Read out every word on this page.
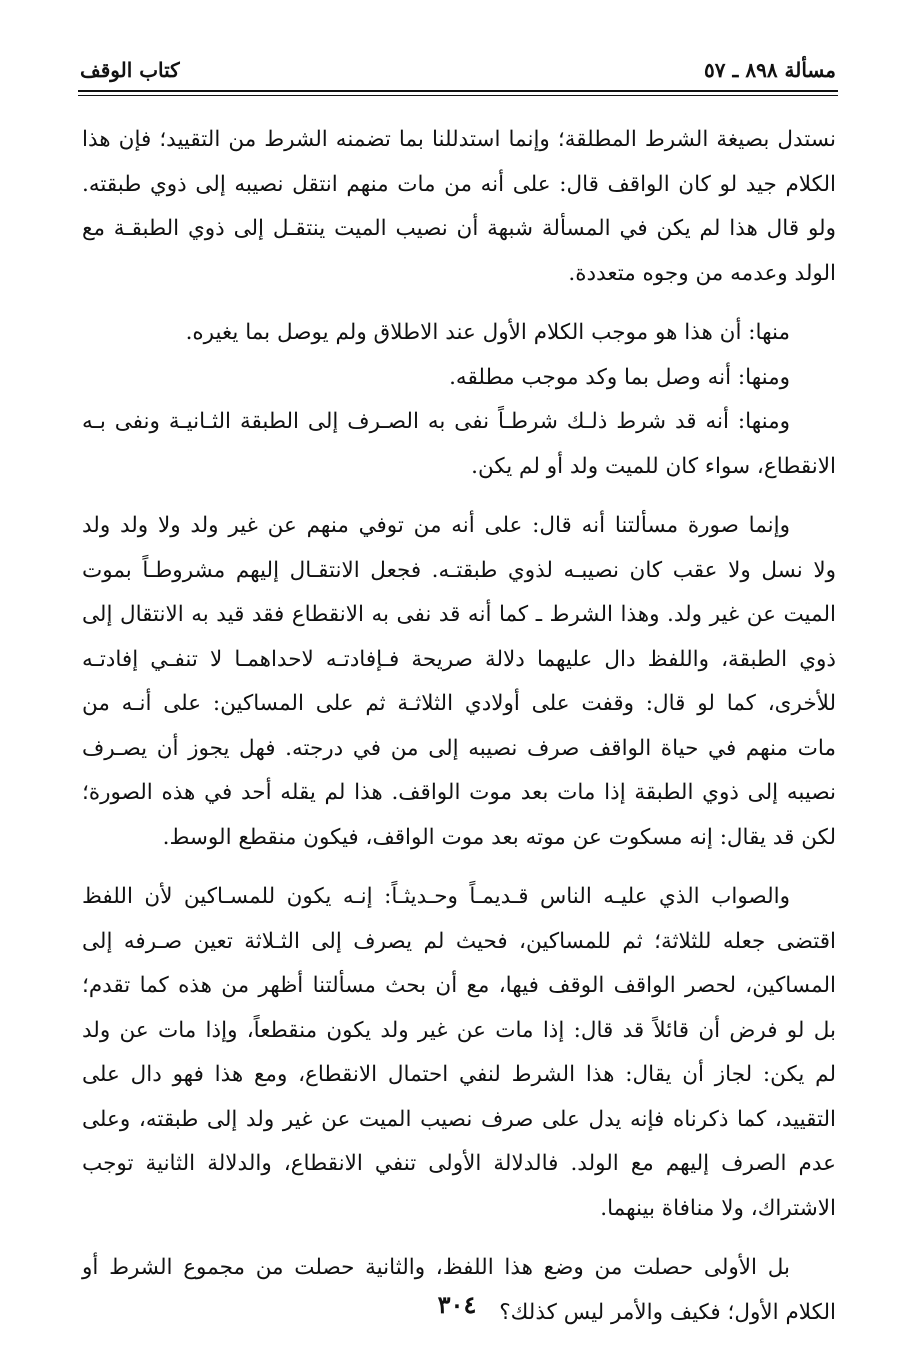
مسألة ٨٩٨ ـ ٥٧
كتاب الوقف

نستدل بصيغة الشرط المطلقة؛ وإنما استدللنا بما تضمنه الشرط من التقييد؛ فإن هذا
الكلام جيد لو كان الواقف قال: على أنه من مات منهم انتقل نصيبه إلى ذوي طبقته.
ولو قال هذا لم يكن في المسألة شبهة أن نصيب الميت ينتقـل إلى ذوي الطبقـة مع
الولد وعدمه من وجوه متعددة.

منها: أن هذا هو موجب الكلام الأول عند الاطلاق ولم يوصل بما يغيره.

ومنها: أنه وصل بما وكد موجب مطلقه.

ومنها: أنه قد شرط ذلـك شرطـاً نفى به الصـرف إلى الطبقة الثـانيـة ونفى بـه
الانقطاع، سواء كان للميت ولد أو لم يكن.

وإنما صورة مسألتنا أنه قال: على أنه من توفي منهم عن غير ولد ولا ولد ولد
ولا نسل ولا عقب كان نصيبـه لذوي طبقتـه. فجعل الانتقـال إليهم مشروطـاً بموت
الميت عن غير ولد. وهذا الشرط ـ كما أنه قد نفى به الانقطاع فقد قيد به الانتقال إلى
ذوي الطبقة، واللفظ دال عليهما دلالة صريحة فـإفادتـه لاحداهمـا لا تنفـي إفادتـه
للأخرى، كما لو قال: وقفت على أولادي الثلاثـة ثم على المساكين: على أنـه من
مات منهم في حياة الواقف صرف نصيبه إلى من في درجته. فهل يجوز أن يصـرف
نصيبه إلى ذوي الطبقة إذا مات بعد موت الواقف. هذا لم يقله أحد في هذه الصورة؛
لكن قد يقال: إنه مسكوت عن موته بعد موت الواقف، فيكون منقطع الوسط.

والصواب الذي عليـه الناس قـديمـاً وحـديثـاً: إنـه يكون للمسـاكين لأن اللفظ
اقتضى جعله للثلاثة؛ ثم للمساكين، فحيث لم يصرف إلى الثـلاثة تعين صـرفه إلى
المساكين، لحصر الواقف الوقف فيها، مع أن بحث مسألتنا أظهر من هذه كما تقدم؛
بل لو فرض أن قائلاً قد قال: إذا مات عن غير ولد يكون منقطعاً، وإذا مات عن ولد
لم يكن: لجاز أن يقال: هذا الشرط لنفي احتمال الانقطاع، ومع هذا فهو دال على
التقييد، كما ذكرناه فإنه يدل على صرف نصيب الميت عن غير ولد إلى طبقته، وعلى
عدم الصرف إليهم مع الولد. فالدلالة الأولى تنفي الانقطاع، والدلالة الثانية توجب
الاشتراك، ولا منافاة بينهما.

بل الأولى حصلت من وضع هذا اللفظ، والثانية حصلت من مجموع الشرط أو
الكلام الأول؛ فكيف والأمر ليس كذلك؟

٣٠٤
